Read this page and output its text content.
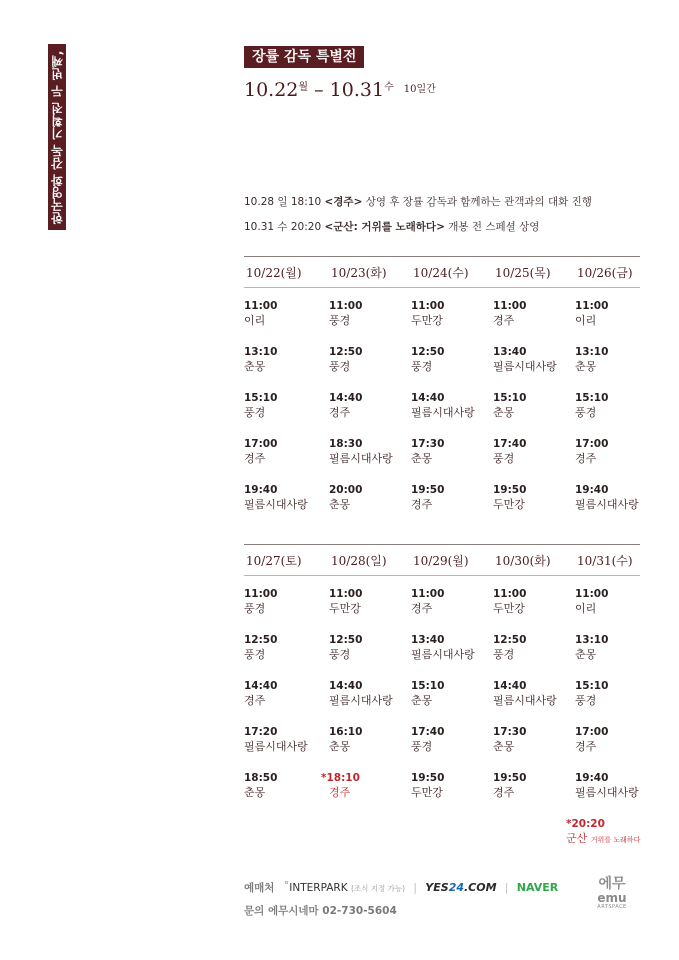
한국영화 감독 기획전 두 번째,	장률 감독 특별전
$10.22^월 - 10.31^수$ $^{10일간}$
10.28 일 18:10 <경주> 상영 후 장률 감독과 함께하는 관객과의 대화 진행
10.31 수 20:20 <군산: 거위를 노래하다> 개봉 전 스페셜 상영
10/22(월) 10/23(화) 10/24(수) 10/25(목) 10/26(금)
11:00
이리
13:10
춘몽
15:10
풍경
17:00
경주
19:40
필름시대사랑
11:00
풍경
12:50
풍경
14:40
경주
18:30
필름시대사랑
20:00
춘몽
11:00
두만강
12:50
풍경
14:40
필름시대사랑
17:30
춘몽
19:50
경주
11:00
경주
13:40
필름시대사랑
15:10
춘몽
17:40
풍경
19:50
두만강
11:00
이리
13:10
춘몽
15:10
풍경
17:00
경주
19:40
필름시대사랑
10/27(토) 10/28(일) 10/29(월) 10/30(화) 10/31(수)
11:00
풍경
12:50
풍경
14:40
경주
17:20
필름시대사랑
18:50
춘몽
11:00
두만강
12:50
풍경
14:40
필름시대사랑
16:10
춘몽
*18:10
경주
11:00
경주
13:40
필름시대사랑
15:10
춘몽
17:40
풍경
19:50
두만강
11:00
두만강
12:50
풍경
14:40
필름시대사랑
17:30
춘몽
19:50
경주
11:00
이리
13:10
춘몽
15:10
풍경
17:00
경주
19:40
필름시대사랑
*20:20
군산 거위를 노래하다
예매처 ˚INTERPARK (조식 지정 가능) | YES24.COM | NAVER
문의 에무시네마 02-730-5604
에무
emu
ARTSPACE
